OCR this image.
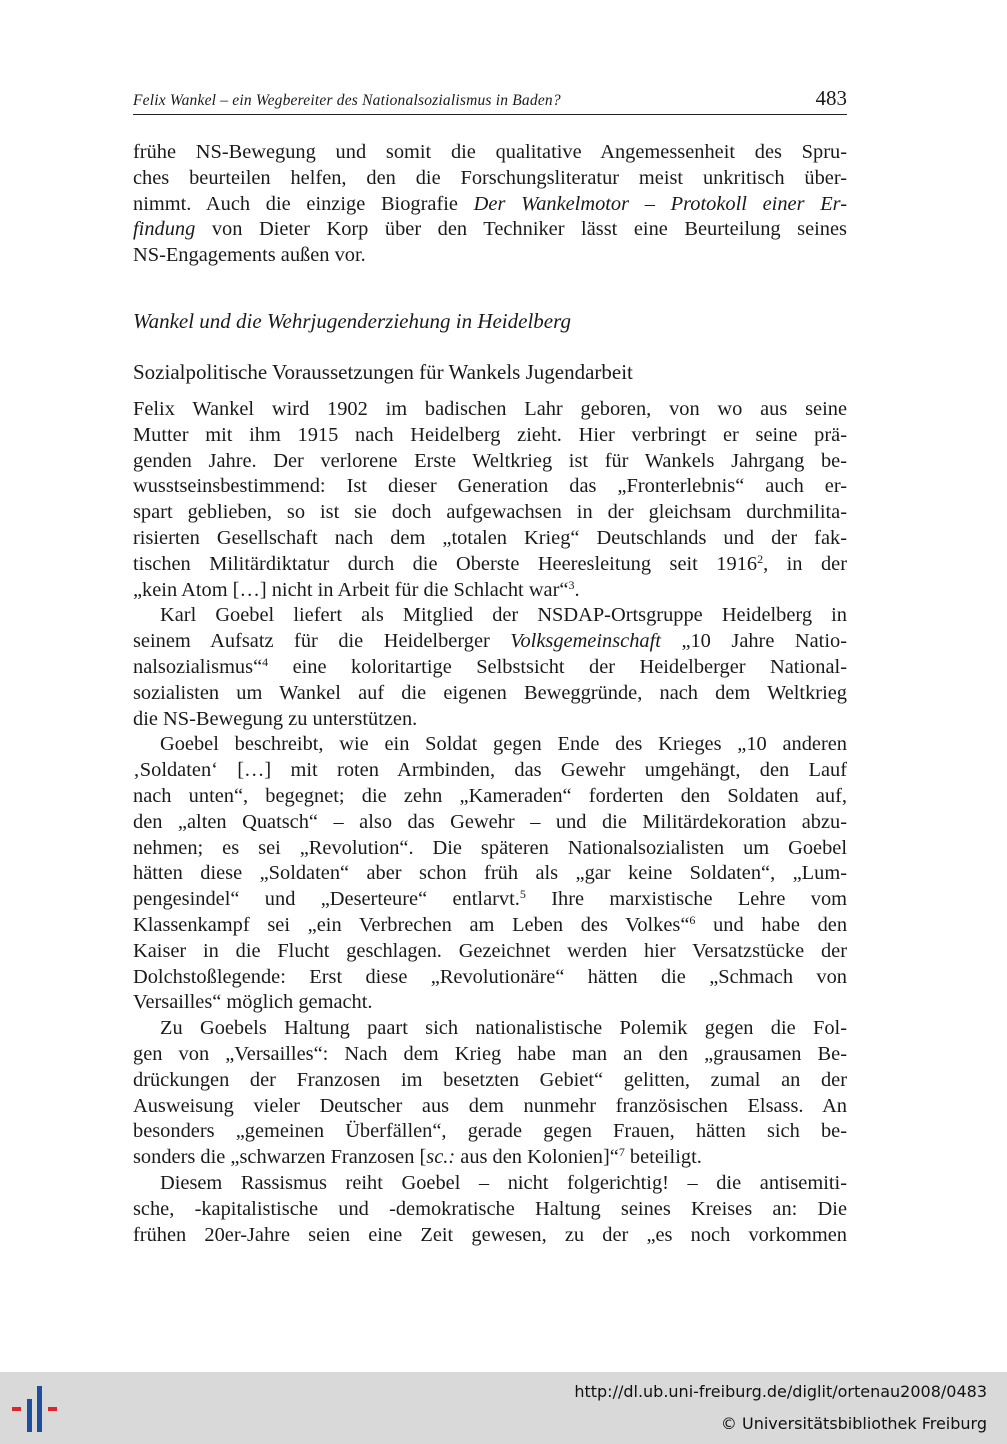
Felix Wankel – ein Wegbereiter des Nationalsozialismus in Baden?	483
frühe NS-Bewegung und somit die qualitative Angemessenheit des Spru-
ches beurteilen helfen, den die Forschungsliteratur meist unkritisch über-
nimmt. Auch die einzige Biografie Der Wankelmotor – Protokoll einer Er-
findung von Dieter Korp über den Techniker lässt eine Beurteilung seines
NS-Engagements außen vor.
Wankel und die Wehrjugenderziehung in Heidelberg
Sozialpolitische Voraussetzungen für Wankels Jugendarbeit
Felix Wankel wird 1902 im badischen Lahr geboren, von wo aus seine
Mutter mit ihm 1915 nach Heidelberg zieht. Hier verbringt er seine prä-
genden Jahre. Der verlorene Erste Weltkrieg ist für Wankels Jahrgang be-
wusstseinsbestimmend: Ist dieser Generation das „Fronterlebnis“ auch er-
spart geblieben, so ist sie doch aufgewachsen in der gleichsam durchmilita-
risierten Gesellschaft nach dem „totalen Krieg“ Deutschlands und der fak-
tischen Militärdiktatur durch die Oberste Heeresleitung seit 1916$^2$, in der
„kein Atom […] nicht in Arbeit für die Schlacht war“$^3$.
Karl Goebel liefert als Mitglied der NSDAP-Ortsgruppe Heidelberg in
seinem Aufsatz für die Heidelberger Volksgemeinschaft „10 Jahre Natio-
nalsozialismus“$^4$ eine koloritartige Selbstsicht der Heidelberger National-
sozialisten um Wankel auf die eigenen Beweggründe, nach dem Weltkrieg
die NS-Bewegung zu unterstützen.
Goebel beschreibt, wie ein Soldat gegen Ende des Krieges „10 anderen
‚Soldaten‘ […] mit roten Armbinden, das Gewehr umgehängt, den Lauf
nach unten“, begegnet; die zehn „Kameraden“ forderten den Soldaten auf,
den „alten Quatsch“ – also das Gewehr – und die Militärdekoration abzu-
nehmen; es sei „Revolution“. Die späteren Nationalsozialisten um Goebel
hätten diese „Soldaten“ aber schon früh als „gar keine Soldaten“, „Lum-
pengesindel“ und „Deserteure“ entlarvt.$^5$ Ihre marxistische Lehre vom
Klassenkampf sei „ein Verbrechen am Leben des Volkes“$^6$ und habe den
Kaiser in die Flucht geschlagen. Gezeichnet werden hier Versatzstücke der
Dolchstoßlegende: Erst diese „Revolutionäre“ hätten die „Schmach von
Versailles“ möglich gemacht.
Zu Goebels Haltung paart sich nationalistische Polemik gegen die Fol-
gen von „Versailles“: Nach dem Krieg habe man an den „grausamen Be-
drückungen der Franzosen im besetzten Gebiet“ gelitten, zumal an der
Ausweisung vieler Deutscher aus dem nunmehr französischen Elsass. An
besonders „gemeinen Überfällen“, gerade gegen Frauen, hätten sich be-
sonders die „schwarzen Franzosen [sc.: aus den Kolonien]“$^7$ beteiligt.
Diesem Rassismus reiht Goebel – nicht folgerichtig! – die antisemiti-
sche, -kapitalistische und -demokratische Haltung seines Kreises an: Die
frühen 20er-Jahre seien eine Zeit gewesen, zu der „es noch vorkommen
http://dl.ub.uni-freiburg.de/diglit/ortenau2008/0483
© Universitätsbibliothek Freiburg
